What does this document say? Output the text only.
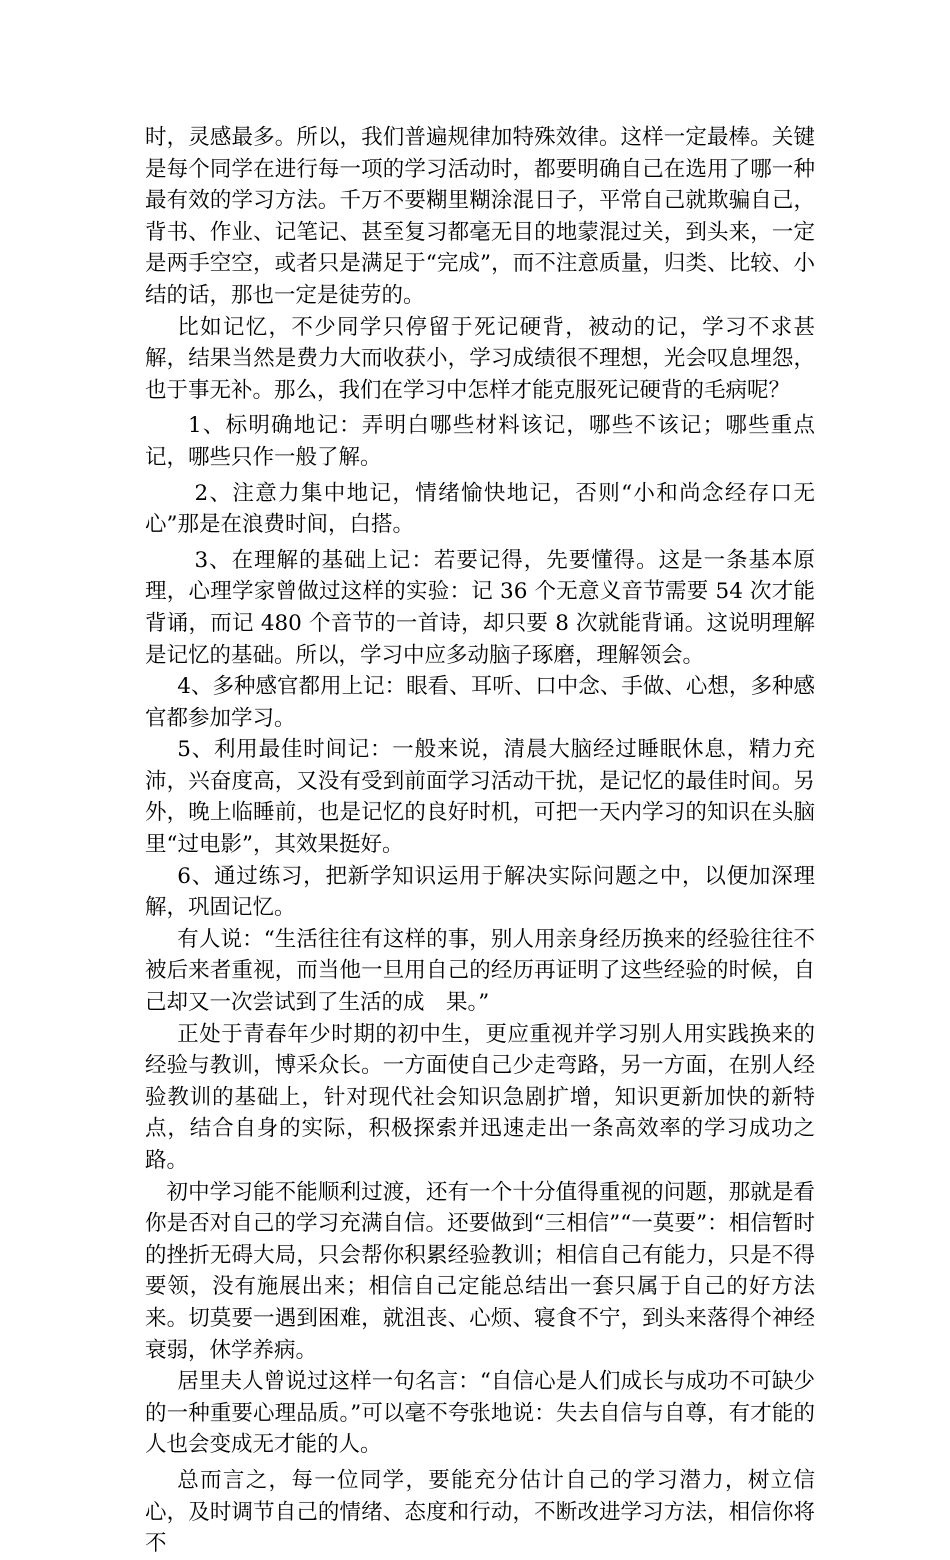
时，灵感最多。所以，我们普遍规律加特殊效律。这样一定最棒。关键是每个同学在进行每一项的学习活动时，都要明确自己在选用了哪一种最有效的学习方法。千万不要糊里糊涂混日子，平常自己就欺骗自己，背书、作业、记笔记、甚至复习都毫无目的地蒙混过关，到头来，一定是两手空空，或者只是满足于“完成”，而不注意质量，归类、比较、小结的话，那也一定是徒劳的。

比如记忆，不少同学只停留于死记硬背，被动的记，学习不求甚解，结果当然是费力大而收获小，学习成绩很不理想，光会叹息埋怨，也于事无补。那么，我们在学习中怎样才能克服死记硬背的毛病呢？

1、标明确地记：弄明白哪些材料该记，哪些不该记；哪些重点记，哪些只作一般了解。

2、注意力集中地记，情绪愉快地记，否则“小和尚念经存口无心”那是在浪费时间，白搭。

3、在理解的基础上记：若要记得，先要懂得。这是一条基本原理，心理学家曾做过这样的实验：记 36 个无意义音节需要 54 次才能背诵，而记 480 个音节的一首诗，却只要 8 次就能背诵。这说明理解是记忆的基础。所以，学习中应多动脑子琢磨，理解领会。

4、多种感官都用上记：眼看、耳听、口中念、手做、心想，多种感官都参加学习。

5、利用最佳时间记：一般来说，清晨大脑经过睡眠休息，精力充沛，兴奋度高，又没有受到前面学习活动干扰，是记忆的最佳时间。另外，晚上临睡前，也是记忆的良好时机，可把一天内学习的知识在头脑里“过电影”，其效果挺好。

6、通过练习，把新学知识运用于解决实际问题之中，以便加深理解，巩固记忆。

有人说：“生活往往有这样的事，别人用亲身经历换来的经验往往不　被后来者重视，而当他一旦用自己的经历再证明了这些经验的时候，自己却又一次尝试到了生活的成　果。”

正处于青春年少时期的初中生，更应重视并学习别人用实践换来的经验与教训，博采众长。一方面使自己少走弯路，另一方面，在别人经验教训的基础上，针对现代社会知识急剧扩增，知识更新加快的新特点，结合自身的实际，积极探索并迅速走出一条高效率的学习成功之路。

初中学习能不能顺利过渡，还有一个十分值得重视的问题，那就是看你是否对自己的学习充满自信。还要做到“三相信”“一莫要”：相信暂时的挫折无碍大局，只会帮你积累经验教训；相信自己有能力，只是不得要领，没有施展出来；相信自己定能总结出一套只属于自己的好方法来。切莫要一遇到困难，就沮丧、心烦、寝食不宁，到头来落得个神经衰弱，休学养病。

居里夫人曾说过这样一句名言：“自信心是人们成长与成功不可缺少的一种重要心理品质。”可以毫不夸张地说：失去自信与自尊，有才能的人也会变成无才能的人。

总而言之，每一位同学，要能充分估计自己的学习潜力，树立信心，及时调节自己的情绪、态度和行动，不断改进学习方法，相信你将不
